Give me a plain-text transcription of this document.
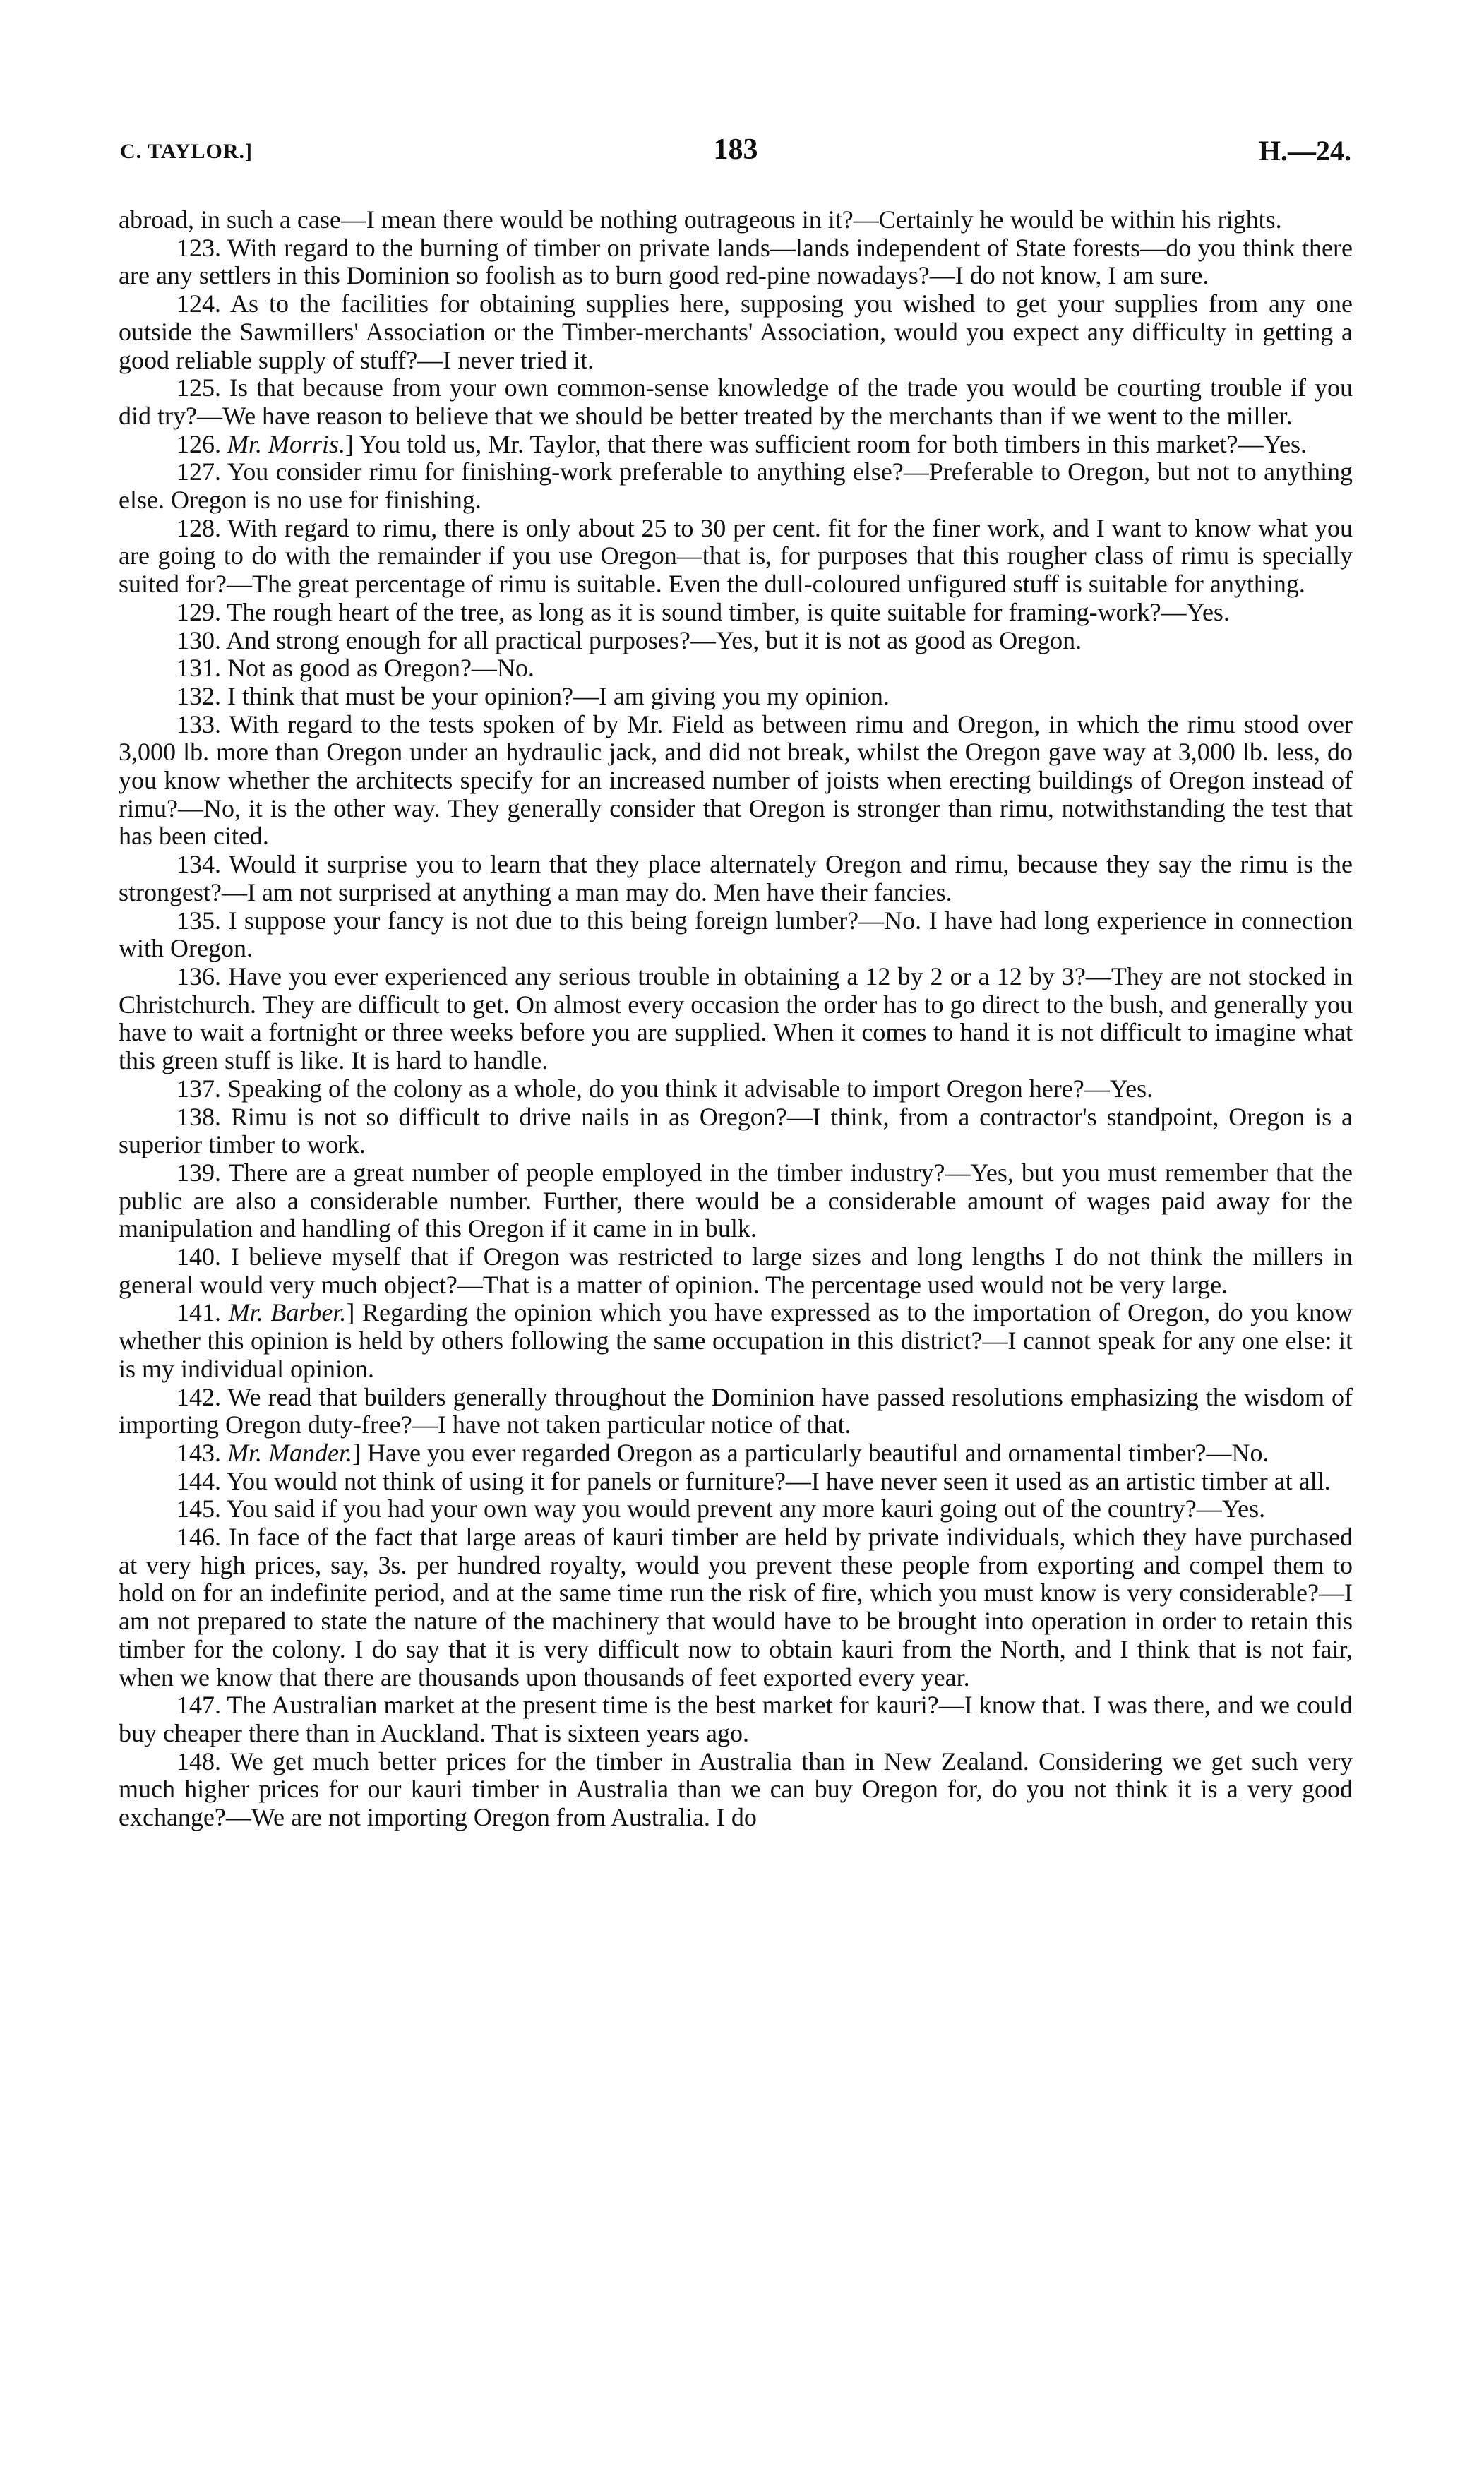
C. TAYLOR.]	183	H.—24.

abroad, in such a case—I mean there would be nothing outrageous in it?—Certainly he would be within his rights.

123. With regard to the burning of timber on private lands—lands independent of State forests—do you think there are any settlers in this Dominion so foolish as to burn good red-pine nowadays?—I do not know, I am sure.

124. As to the facilities for obtaining supplies here, supposing you wished to get your supplies from any one outside the Sawmillers' Association or the Timber-merchants' Association, would you expect any difficulty in getting a good reliable supply of stuff?—I never tried it.

125. Is that because from your own common-sense knowledge of the trade you would be courting trouble if you did try?—We have reason to believe that we should be better treated by the merchants than if we went to the miller.

126. Mr. Morris.] You told us, Mr. Taylor, that there was sufficient room for both timbers in this market?—Yes.

127. You consider rimu for finishing-work preferable to anything else?—Preferable to Oregon, but not to anything else. Oregon is no use for finishing.

128. With regard to rimu, there is only about 25 to 30 per cent. fit for the finer work, and I want to know what you are going to do with the remainder if you use Oregon—that is, for purposes that this rougher class of rimu is specially suited for?—The great percentage of rimu is suitable. Even the dull-coloured unfigured stuff is suitable for anything.

129. The rough heart of the tree, as long as it is sound timber, is quite suitable for framing-work?—Yes.

130. And strong enough for all practical purposes?—Yes, but it is not as good as Oregon.

131. Not as good as Oregon?—No.

132. I think that must be your opinion?—I am giving you my opinion.

133. With regard to the tests spoken of by Mr. Field as between rimu and Oregon, in which the rimu stood over 3,000 lb. more than Oregon under an hydraulic jack, and did not break, whilst the Oregon gave way at 3,000 lb. less, do you know whether the architects specify for an increased number of joists when erecting buildings of Oregon instead of rimu?—No, it is the other way. They generally consider that Oregon is stronger than rimu, notwithstanding the test that has been cited.

134. Would it surprise you to learn that they place alternately Oregon and rimu, because they say the rimu is the strongest?—I am not surprised at anything a man may do. Men have their fancies.

135. I suppose your fancy is not due to this being foreign lumber?—No. I have had long experience in connection with Oregon.

136. Have you ever experienced any serious trouble in obtaining a 12 by 2 or a 12 by 3?—They are not stocked in Christchurch. They are difficult to get. On almost every occasion the order has to go direct to the bush, and generally you have to wait a fortnight or three weeks before you are supplied. When it comes to hand it is not difficult to imagine what this green stuff is like. It is hard to handle.

137. Speaking of the colony as a whole, do you think it advisable to import Oregon here?—Yes.

138. Rimu is not so difficult to drive nails in as Oregon?—I think, from a contractor's standpoint, Oregon is a superior timber to work.

139. There are a great number of people employed in the timber industry?—Yes, but you must remember that the public are also a considerable number. Further, there would be a considerable amount of wages paid away for the manipulation and handling of this Oregon if it came in in bulk.

140. I believe myself that if Oregon was restricted to large sizes and long lengths I do not think the millers in general would very much object?—That is a matter of opinion. The percentage used would not be very large.

141. Mr. Barber.] Regarding the opinion which you have expressed as to the importation of Oregon, do you know whether this opinion is held by others following the same occupation in this district?—I cannot speak for any one else: it is my individual opinion.

142. We read that builders generally throughout the Dominion have passed resolutions emphasizing the wisdom of importing Oregon duty-free?—I have not taken particular notice of that.

143. Mr. Mander.] Have you ever regarded Oregon as a particularly beautiful and ornamental timber?—No.

144. You would not think of using it for panels or furniture?—I have never seen it used as an artistic timber at all.

145. You said if you had your own way you would prevent any more kauri going out of the country?—Yes.

146. In face of the fact that large areas of kauri timber are held by private individuals, which they have purchased at very high prices, say, 3s. per hundred royalty, would you prevent these people from exporting and compel them to hold on for an indefinite period, and at the same time run the risk of fire, which you must know is very considerable?—I am not prepared to state the nature of the machinery that would have to be brought into operation in order to retain this timber for the colony. I do say that it is very difficult now to obtain kauri from the North, and I think that is not fair, when we know that there are thousands upon thousands of feet exported every year.

147. The Australian market at the present time is the best market for kauri?—I know that. I was there, and we could buy cheaper there than in Auckland. That is sixteen years ago.

148. We get much better prices for the timber in Australia than in New Zealand. Considering we get such very much higher prices for our kauri timber in Australia than we can buy Oregon for, do you not think it is a very good exchange?—We are not importing Oregon from Australia. I do
